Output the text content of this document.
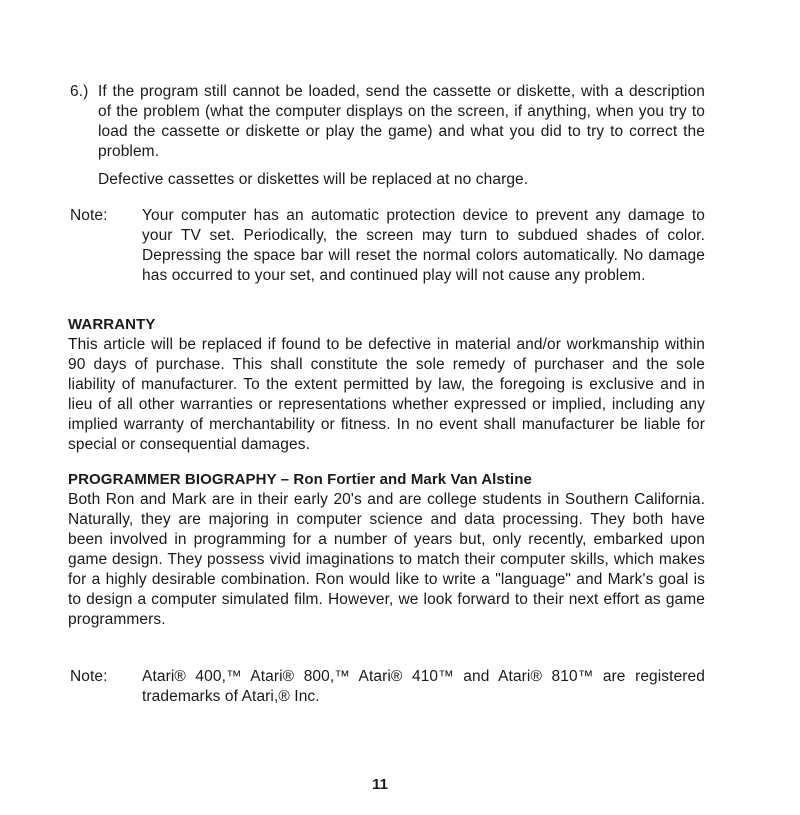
6.) If the program still cannot be loaded, send the cassette or diskette, with a description of the problem (what the computer displays on the screen, if anything, when you try to load the cassette or diskette or play the game) and what you did to try to correct the problem.
Defective cassettes or diskettes will be replaced at no charge.
Note: Your computer has an automatic protection device to prevent any damage to your TV set. Periodically, the screen may turn to subdued shades of color. Depressing the space bar will reset the normal colors automatically. No damage has occurred to your set, and continued play will not cause any problem.
WARRANTY
This article will be replaced if found to be defective in material and/or workmanship within 90 days of purchase. This shall constitute the sole remedy of purchaser and the sole liability of manufacturer. To the extent permitted by law, the foregoing is exclusive and in lieu of all other warranties or representations whether expressed or implied, including any implied warranty of merchantability or fitness. In no event shall manufacturer be liable for special or consequential damages.
PROGRAMMER BIOGRAPHY – Ron Fortier and Mark Van Alstine
Both Ron and Mark are in their early 20's and are college students in Southern California. Naturally, they are majoring in computer science and data processing. They both have been involved in programming for a number of years but, only recently, embarked upon game design. They possess vivid imaginations to match their computer skills, which makes for a highly desirable combination. Ron would like to write a "language" and Mark's goal is to design a computer simulated film. However, we look forward to their next effort as game programmers.
Note: Atari® 400,™ Atari® 800,™ Atari® 410™ and Atari® 810™ are registered trademarks of Atari,® Inc.
11
